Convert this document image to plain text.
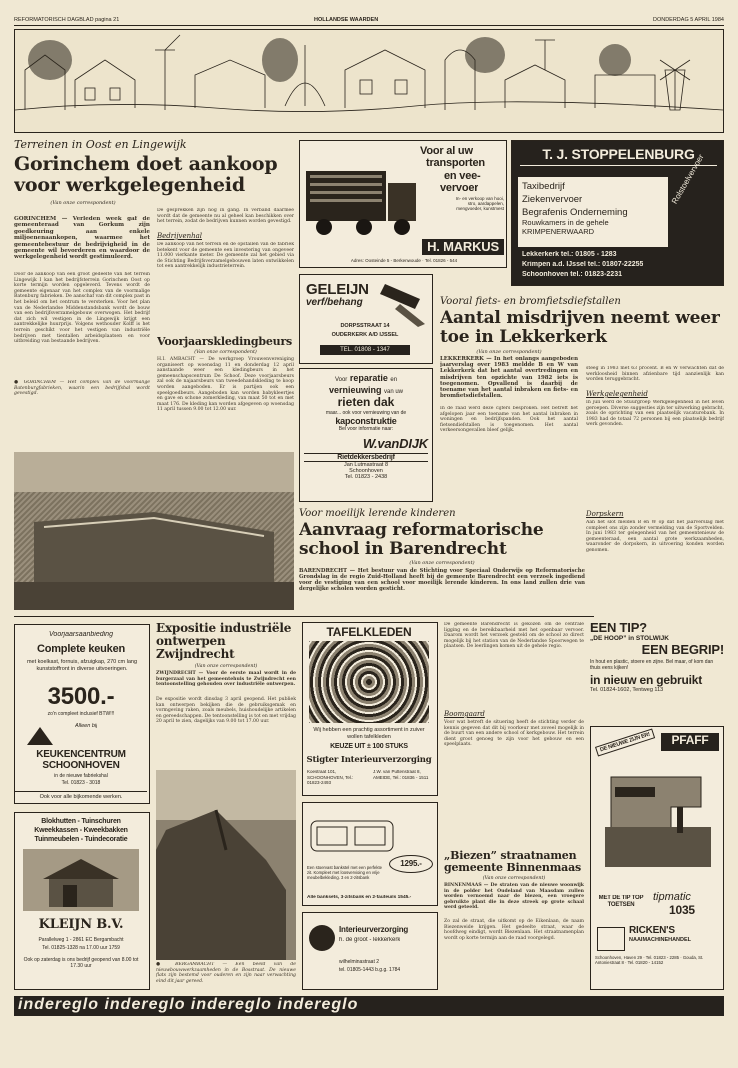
REFORMATORISCH DAGBLAD pagina 21	HOLLANDSE WAARDEN	DONDERDAG 5 APRIL 1984
Terreinen in Oost en Lingewijk
Gorinchem doet aankoop voor werkgelegenheid
(Van onze correspondent)
GORINCHEM — Verleden week gaf de gemeenteraad van Gorkum zijn goedkeuring aan enkele miljoenenaankopen, waarmee het gemeentebestuur de bedrijvigheid in de gemeente wil bevorderen en waardoor de werkgelegenheid wordt gestimuleerd.
Door de aankoop van een groot gedeelte van het terrein Lingewijk I kan het bedrijfsterrein Gorinchem Oost op korte termijn worden opgeleverd. Tevens wordt de gemeente eigenaar van het complex van de voormalige Batenburg fabrieken. De aanschaf van dit complex past in het beleid om het centrum te versterken. Voor het plan van de Nederlandse Middenstandsbank wordt de bouw van een bedrijfsverzamelgebouw overwogen. Het bedrijf dat zich wil vestigen in de Lingewijk krijgt een aantrekkelijke huurprijs. Volgens wethouder Kolff is het terrein geschikt voor het vestigen van industriële bedrijven met tientallen arbeidsplaatsen en voor uitbreiding van bestaande bedrijven.
● GORINCHEM — Het complex van de voormalige Batenburgfabrieken, waarin een bedrijfshal wordt gevestigd.
De gesprekken zijn nog in gang. In verband daarmee wordt dat de gemeente nu al geheel kan beschikken over het terrein, zodat de bedrijven kunnen worden gevestigd.
Bedrijvenhal
De aankoop van het terrein en de opstallen van de fabriek betekent voor de gemeente een investering van ongeveer 11.000 vierkante meter. De gemeente zal het gebied via de Stichting Bedrijfsverzamelgebouwen laten ontwikkelen tot een aantrekkelijk industrieterrein.
Voorjaarskledingbeurs
(Van onze correspondent)
H.I. AMBACHT — De werkgroep Vrouwenvereniging organiseert op woensdag 11 en donderdag 12 april aanstaande weer een kledingbeurs in het gemeenschapscentrum De Schoof. Deze voorjaarsbeurs zal ook de najaarsbeurs van tweedehandskleding te koop worden aangeboden. Er is partijen ook een speelgoedbeurs. Aangeboden kan worden babykleertjes en gave en schone zomerkleding, van maat 50 tot en met maat 176. De kleding kan worden afgegeven op woensdag 11 april tussen 9.00 tot 12.00 uur.
Voor al uw
transporten
en vee-
vervoer
In- en verkoop van hooi, stro, aardappelen, mengvoeder, kunstmest
H. MARKUS
Adres: Oosteinde 5 - Berkenwoude · Tel. 01826 - 544
T. J. STOPPELENBURG
Taxibedrijf
Ziekenvervoer
Begrafenis Onderneming
Rouwkamers in de gehele KRIMPENERWAARD
Rolstoelvervoer
Lekkerkerk tel.: 01805 - 1283
Krimpen a.d. IJssel tel.: 01807-22255
Schoonhoven tel.: 01823-2231
GELEIJN
verf/behang
DORPSSTRAAT 14
OUDERKERK A/D IJSSEL
TEL. 01808 - 1347
Voor reparatie en
vernieuwing van uw
rieten dak
maar... ook voor vernieuwing van de
kapconstruktie
Bel voor informatie naar:
W.vanDIJK
Rietdekkersbedrijf
Jan Lutmastraat 8
Schoonhoven
Tel. 01823 - 2438
Vooral fiets- en bromfietsdiefstallen
Aantal misdrijven neemt weer toe in Lekkerkerk
(Van onze correspondent)
LEKKERKERK — In het onlangs aangeboden jaarverslag over 1983 meldde B en W van Lekkerkerk dat het aantal overtredingen en misdrijven ten opzichte van 1982 iets is toegenomen. Opvallend is daarbij de toename van het aantal inbraken en fiets- en bromfietsdiefstallen.
In de raad werd deze cijfers besproken. Het betreft het afgelopen jaar een toename van het aantal inbraken in woningen en bedrijfspanden. Ook het aantal fietsendiefstallen is toegenomen. Het aantal verkeersongevallen bleef gelijk.
steeg in 1983 met 63 procent. B en W verwachten dat de werkloosheid binnen afzienbare tijd aanzienlijk kan worden teruggebracht.
Werkgelegenheid
In juli werd de Stuurgroep Werkgelegenheid in het leven geroepen. Diverse suggesties zijn ter uitwerking gebracht, zoals de oprichting van een plaatselijk vacaturebank. In 1983 had de totaal 72 personen bij een plaatselijk bedrijf werk gevonden.
Dorpskern
Aan het slot melden B en W op dat het jaarverslag met compleet ons zijn zonder vermelding van de Sportvelden. In juni 1983 ter gelegenheid van het gemeentenieuw de gemeenteraad, een aantal grote werkzaamheden, waaronder de dorpskern, in uitvoering konden worden genomen.
Voor moeilijk lerende kinderen
Aanvraag reformatorische school in Barendrecht
(Van onze correspondent)
BARENDRECHT — Het bestuur van de Stichting voor Speciaal Onderwijs op Reformatorische Grondslag in de regio Zuid-Holland heeft bij de gemeente Barendrecht een verzoek ingediend voor de vestiging van een school voor moeilijk lerende kinderen. In ons land zullen drie van dergelijke scholen worden gesticht.
Voorjaarsaanbieding
Complete keuken
met koelkast, fornuis, afzuigkap, 270 cm lang kunststoffront in diverse uitvoeringen.
3500.-
zo'n compleet inclusief BTW!!!
Alleen bij
KEUKENCENTRUM
SCHOONHOVEN
in de nieuwe fabriekshal
Tel. 01823 - 3018
Ook voor alle bijkomende werken.
Blokhutten - Tuinschuren
Kweekkassen - Kweekbakken
Tuinmeubelen - Tuindecoratie
KLEIJN B.V.
Parallelweg 1 - 2861 EC Bergambacht
Tel. 01825-1328 na 17.00 uur 1759
Ook op zaterdag is ons bedrijf geopend van 8.00 tot 17.30 uur
Expositie industriële ontwerpen Zwijndrecht
(Van onze correspondent)
ZWIJNDRECHT — Voor de eerste maal wordt in de burgerzaal van het gemeentehuis te Zwijndrecht een tentoonstelling gehouden over industriële ontwerpen.
De expositie wordt dinsdag 3 april geopend. Het publiek kan ontwerpen bekijken die de gebruiksgemak en vormgeving raken, zoals meubels, huishoudelijke artikelen en gereedschappen. De tentoonstelling is tot en met vrijdag 20 april te zien, dagelijks van 9.00 tot 17.00 uur.
● BERGAMBACHT — Een beeld van de nieuwbouwwerkzaamheden in de Bosstraat. De nieuwe flats zijn bestemd voor ouderen en zijn naar verwachting eind dit jaar gereed.
TAFELKLEDEN
Wij hebben een prachtig assortiment in zuiver wollen tafelkleden
KEUZE UIT ± 100 STUKS
Stigter Interieurverzorging
Koestraat 101, SCHOONHOVEN, Tel.: 01823-2493
J.W. van Puttenstraat 8, AMEIDE, Tel.: 01836 - 1511
1295.-
Een stoervast bankstel met een perfekte zit. Kompleet met loosvervioing en vrije meubelbekleding. 3 en 2-zitsbank
Alle banksets, 3-zitsbank en 2-fauteuils 1545.-
Interieurverzorging
h. de groot - lekkerkerk
wilhelminastraat 2
tel. 01805-1443 b.g.g. 1784
De gemeente Barendrecht is gekozen om de centrale ligging en de bereikbaarheid met het openbaar vervoer. Daarom wordt het verzoek gesteld om de school zo direct mogelijk bij het station van de Nederlandse Spoorwegen te plaatsen. De leerlingen komen uit de gehele regio.
Boomgaard
Voor wat betreft de situering heeft de stichting verder de kennis gegeven dat dit bij voorkeur met zoveel mogelijk in de buurt van een andere school of kerkgebouw. Het terrein dient groot genoeg te zijn voor het gebouw en een speelplaats.
„Biezen” straatnamen gemeente Binnenmaas
(Van onze correspondent)
BINNENMAAS — De straten van de nieuwe woonwijk in de polder het Oudeland van Maasdam zullen worden vernoemd naar de biezen, een vroegere gebruikte plant die in deze streek op grote schaal werd geteeld.
Zo zal de straat, die uitkomt op de Eikenlaan, de naam Biezenweide krijgen. Het gedeelte straat, waar de hoofdweg eindigt, wordt Biezenlaan. Het straatnamenplan wordt op korte termijn aan de raad voorgelegd.
EEN TIP?
„DE HOOP” in STOLWIJK
EEN BEGRIP!
In hout en plastic, stoere en zijne. Bel maar, of kom dan thuis eens kijken!
in nieuw en gebruikt
Tel. 01824-1602, Tentweg 113
DE NIEUWE ZIJN ER!	PFAFF
MET DE TIP TOP TOETSEN
tipmatic
1035
RICKEN'S
NAAIMACHINEHANDEL
Schoonhoven, Haven 29 · Tel. 01823 - 2285 · Gouda, St. Antoniestraat 8 · Tel. 01820 - 14152
indereglo indereglo indereglo indereglo
